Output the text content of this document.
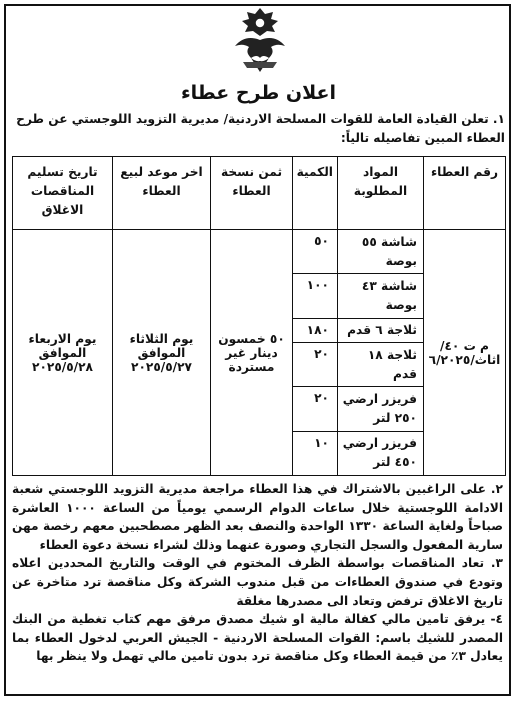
اعلان طرح عطاء
١. تعلن القيادة العامة للقوات المسلحة الاردنية/ مديرية التزويد اللوجستي عن طرح العطاء المبين تفاصيله تالياً:
رقم العطاء	المواد المطلوبة	الكمية	ثمن نسخة العطاء	اخر موعد لبيع العطاء	تاريخ تسليم المناقصات الاغلاق
م ت ٤٠/ اثاث/٦/٢٠٢٥	شاشة ٥٥ بوصة	٥٠	٥٠ خمسون دينار غير مستردة	يوم الثلاثاء الموافق ٢٠٢٥/٥/٢٧	يوم الاربعاء الموافق ٢٠٢٥/٥/٢٨
	شاشة ٤٣ بوصة	١٠٠			
	ثلاجة ٦ قدم	١٨٠			
	ثلاجة ١٨ قدم	٢٠			
	فريزر ارضي ٢٥٠ لتر	٢٠			
	فريزر ارضي ٤٥٠ لتر	١٠			

٢. على الراغبين بالاشتراك في هذا العطاء مراجعة مديرية التزويد اللوجستي شعبة الادامة اللوجستية خلال ساعات الدوام الرسمي يومياً من الساعة ١٠٠٠ العاشرة صباحاً ولغاية الساعة ١٣٣٠ الواحدة والنصف بعد الظهر مصطحبين معهم رخصة مهن سارية المفعول والسجل التجاري وصورة عنهما وذلك لشراء نسخة دعوة العطاء

٣. تعاد المناقصات بواسطة الظرف المختوم في الوقت والتاريخ المحددين اعلاه وتودع في صندوق العطاءات من قبل مندوب الشركة وكل مناقصة ترد متاخرة عن تاريخ الاغلاق ترفض وتعاد الى مصدرها مغلقة

٤- يرفق تامين مالي كفالة مالية او شيك مصدق مرفق مهم كتاب تغطية من البنك المصدر للشيك باسم: القوات المسلحة الاردنية - الجيش العربي لدخول العطاء بما يعادل ٣٪ من قيمة العطاء وكل مناقصة ترد بدون تامين مالي تهمل ولا ينظر بها
